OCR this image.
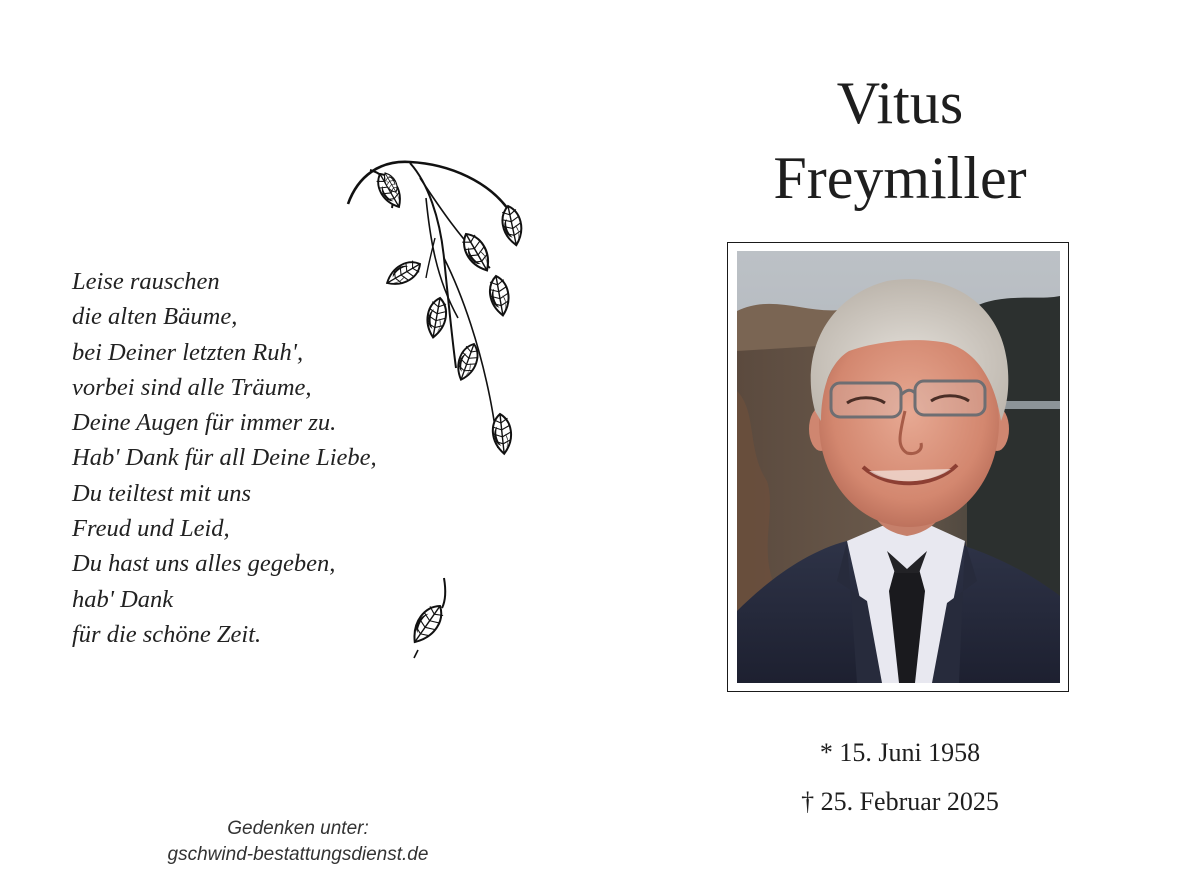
Leise rauschen
die alten Bäume,
bei Deiner letzten Ruh',
vorbei sind alle Träume,
Deine Augen für immer zu.
Hab' Dank für all Deine Liebe,
Du teiltest mit uns
Freud und Leid,
Du hast uns alles gegeben,
hab' Dank
für die schöne Zeit.
Gedenken unter:
gschwind-bestattungsdienst.de
Vitus
Freymiller
* 15. Juni 1958
† 25. Februar 2025
